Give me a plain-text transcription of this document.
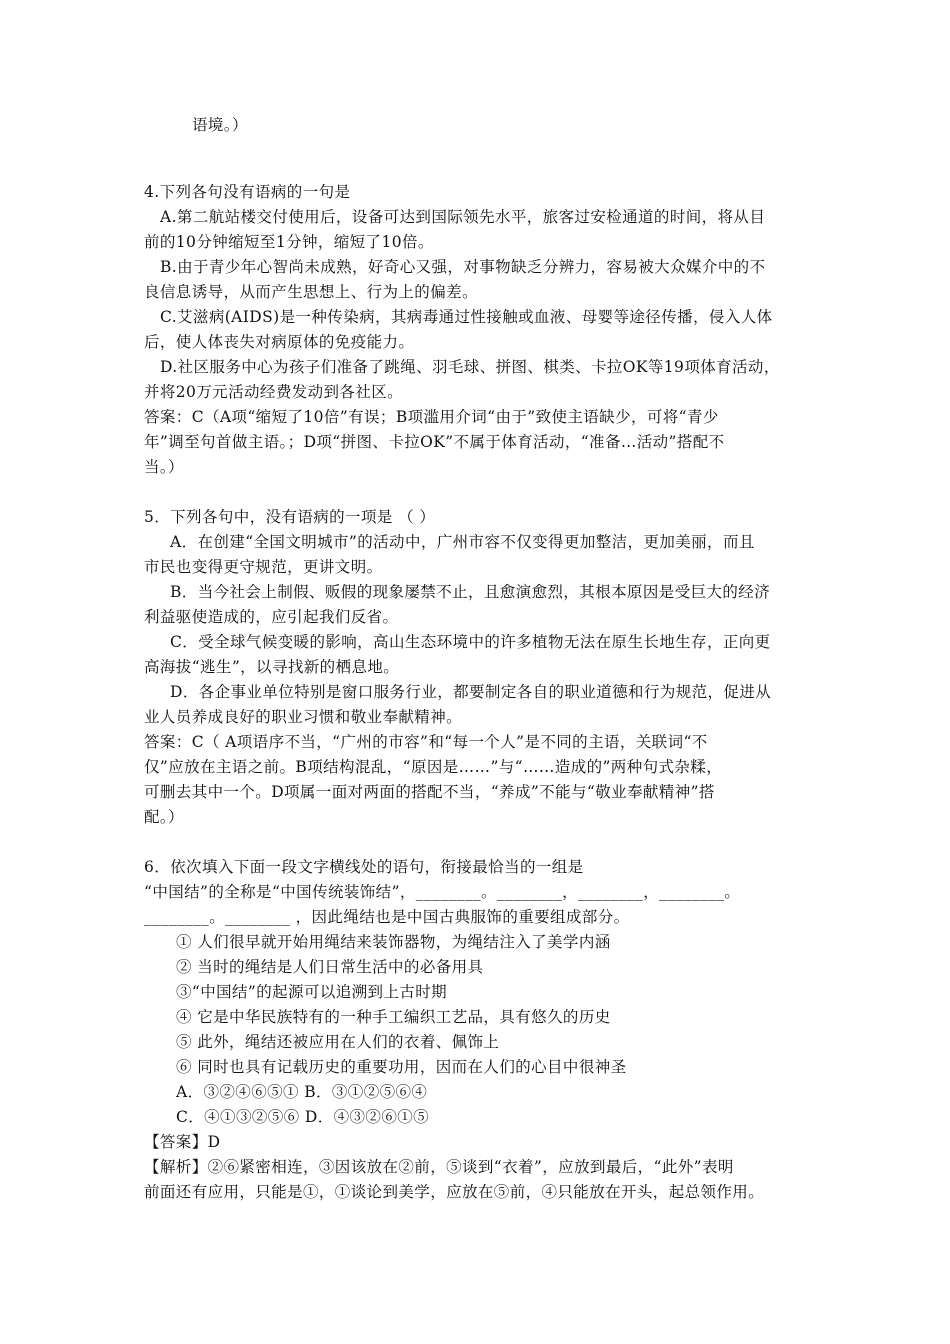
语境。）
4.下列各句没有语病的一句是
A.第二航站楼交付使用后，设备可达到国际领先水平，旅客过安检通道的时间，将从目
前的10分钟缩短至1分钟，缩短了10倍。
B.由于青少年心智尚未成熟，好奇心又强，对事物缺乏分辨力，容易被大众媒介中的不
良信息诱导，从而产生思想上、行为上的偏差。
C.艾滋病(AIDS)是一种传染病，其病毒通过性接触或血液、母婴等途径传播，侵入人体
后，使人体丧失对病原体的免疫能力。
D.社区服务中心为孩子们准备了跳绳、羽毛球、拼图、棋类、卡拉OK等19项体育活动，
并将20万元活动经费发动到各社区。
答案：C（A项“缩短了10倍”有误；B项滥用介词“由于”致使主语缺少，可将“青少
年”调至句首做主语。；D项“拼图、卡拉OK”不属于体育活动，“准备…活动”搭配不
当。）
5．下列各句中，没有语病的一项是 （ ）
A．在创建“全国文明城市”的活动中，广州市容不仅变得更加整洁，更加美丽，而且
市民也变得更守规范，更讲文明。
B．当今社会上制假、贩假的现象屡禁不止，且愈演愈烈，其根本原因是受巨大的经济
利益驱使造成的，应引起我们反省。
C．受全球气候变暖的影响，高山生态环境中的许多植物无法在原生长地生存，正向更
高海拔“逃生”，以寻找新的栖息地。
D．各企事业单位特别是窗口服务行业，都要制定各自的职业道德和行为规范，促进从
业人员养成良好的职业习惯和敬业奉献精神。
答案：C（ A项语序不当，“广州的市容”和“每一个人”是不同的主语，关联词“不
仅”应放在主语之前。B项结构混乱，“原因是……”与“……造成的”两种句式杂糅，
可删去其中一个。D项属一面对两面的搭配不当，“养成”不能与“敬业奉献精神”搭
配。）
6．依次填入下面一段文字横线处的语句，衔接最恰当的一组是
“中国结”的全称是“中国传统装饰结”，________。________，________，________。
________。________ ，因此绳结也是中国古典服饰的重要组成部分。
① 人们很早就开始用绳结来装饰器物，为绳结注入了美学内涵
② 当时的绳结是人们日常生活中的必备用具
③“中国结”的起源可以追溯到上古时期
④ 它是中华民族特有的一种手工编织工艺品，具有悠久的历史
⑤ 此外，绳结还被应用在人们的衣着、佩饰上
⑥ 同时也具有记载历史的重要功用，因而在人们的心目中很神圣
A．③②④⑥⑤① B．③①②⑤⑥④
C．④①③②⑤⑥ D．④③②⑥①⑤
【答案】D
【解析】②⑥紧密相连，③因该放在②前，⑤谈到“衣着”，应放到最后，“此外”表明
前面还有应用，只能是①，①谈论到美学，应放在⑤前，④只能放在开头，起总领作用。
